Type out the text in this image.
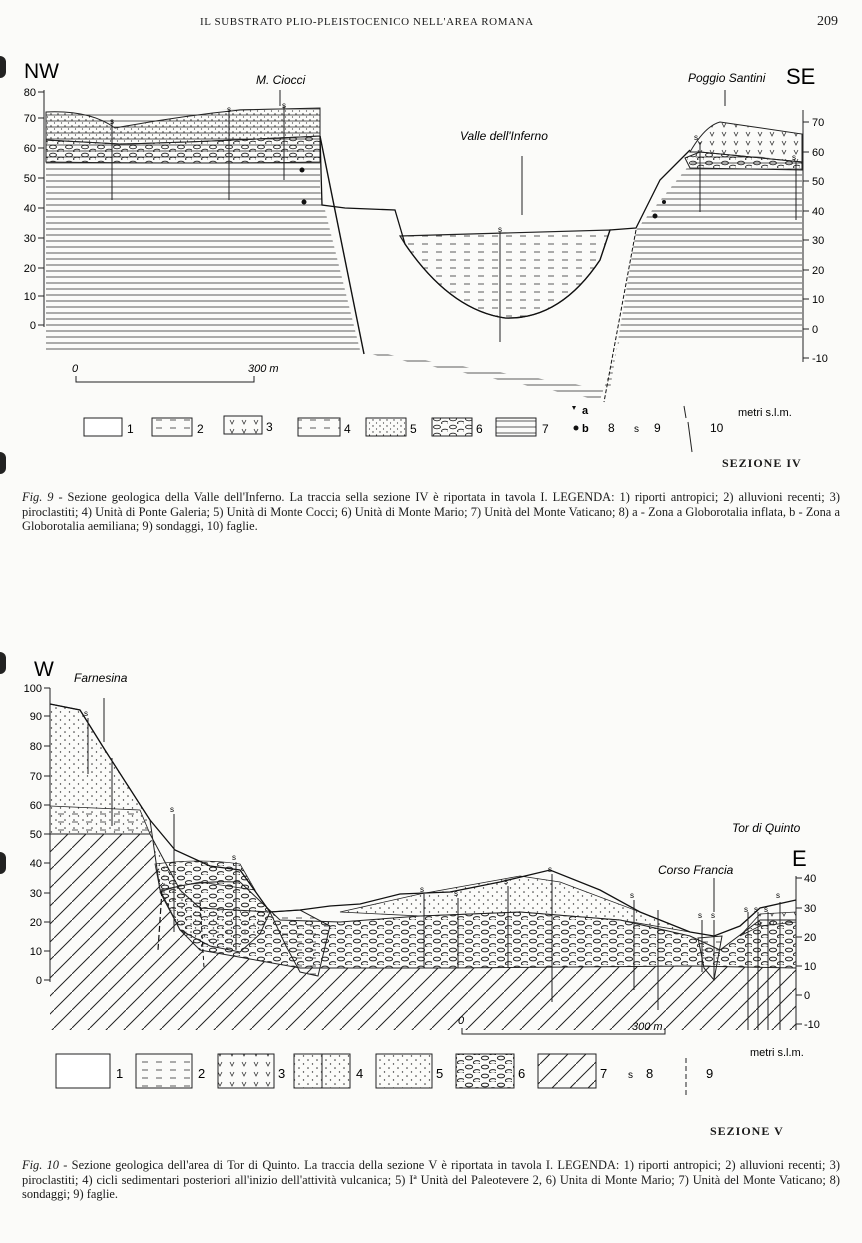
IL SUBSTRATO PLIO-PLEISTOCENICO NELL'AREA ROMANA	209
NW	SE
80
70
60
50
40
30
20
10
0
70
60
50
40
30
20
10
0
-10
M. Ciocci
Valle dell'Inferno
Poggio Santini
s
s	s
s
s
s
0	300 m
metri s.l.m.
1	2	3	4	5	6	7
a
b 8 s 9	10
SEZIONE IV
Fig. 9 - Sezione geologica della Valle dell'Inferno. La traccia sella sezione IV è riportata in tavola I. LEGENDA: 1) riporti antropici; 2) alluvioni recenti; 3) piroclastiti; 4) Unità di Ponte Galeria; 5) Unità di Monte Cocci; 6) Unità di Monte Mario; 7) Unità del Monte Vaticano; 8) a - Zona a Globorotalia inflata, b - Zona a Globorotalia aemiliana; 9) sondaggi, 10) faglie.
W
E
100
90
80
70
60
50
40
30
20
10
0
40
30
20
10
0
-10
Farnesina
Corso Francia
Tor di Quinto
s
s
s
s	s
s
s
s
s s
s s s
s
0	300 m
metri s.l.m.
1	2	3	4	5	6	7 s 8	9
SEZIONE V
Fig. 10 - Sezione geologica dell'area di Tor di Quinto. La traccia della sezione V è riportata in tavola I. LEGENDA: 1) riporti antropici; 2) alluvioni recenti; 3) piroclastiti; 4) cicli sedimentari posteriori all'inizio dell'attività vulcanica; 5) Iª Unità del Paleotevere 2, 6) Unita di Monte Mario; 7) Unità del Monte Vaticano; 8) sondaggi; 9) faglie.
